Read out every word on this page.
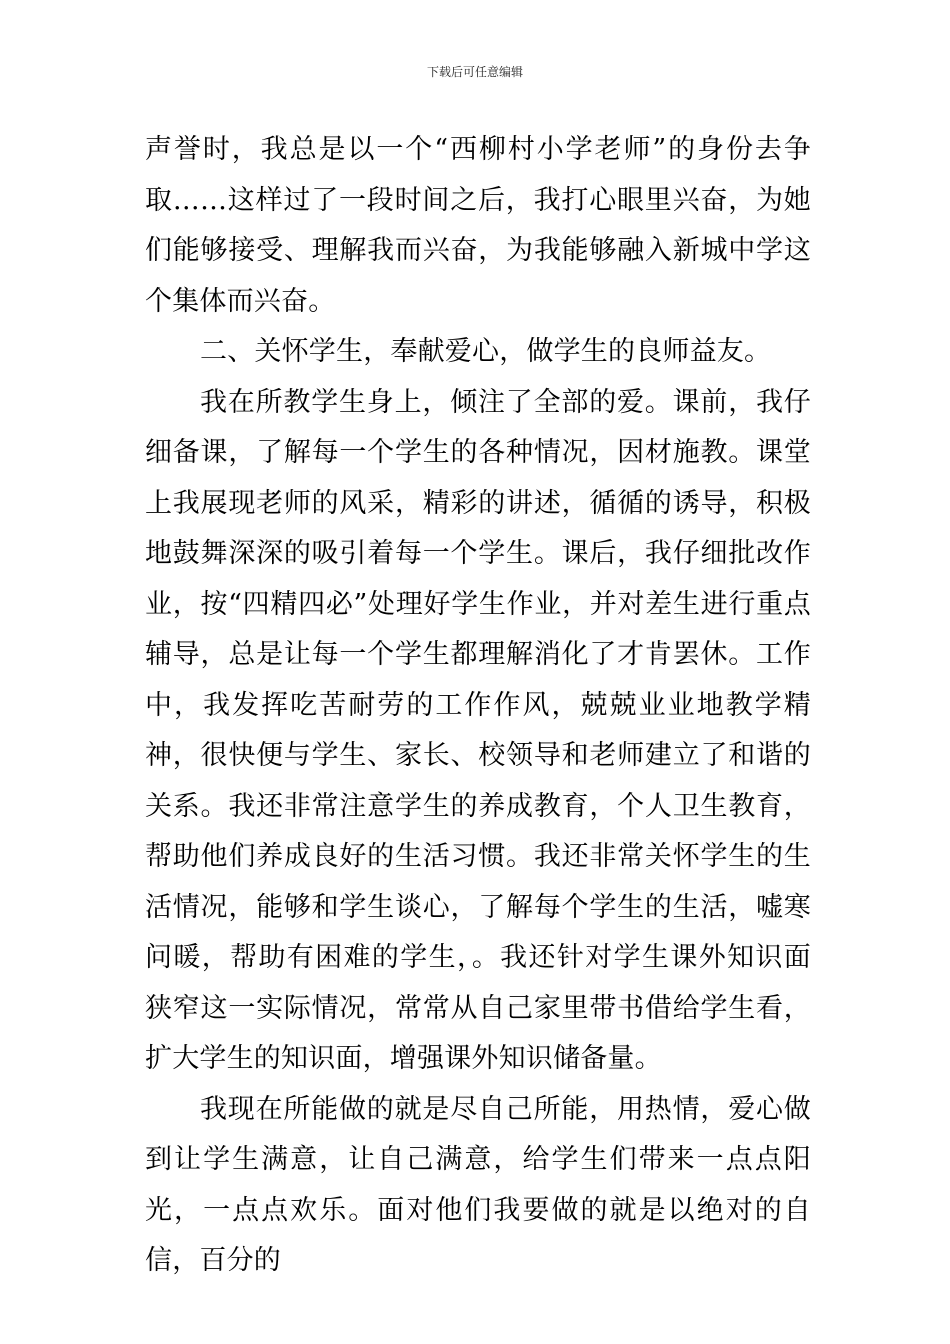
下载后可任意编辑

声誉时，我总是以一个“西柳村小学老师”的身份去争取……这样过了一段时间之后，我打心眼里兴奋，为她们能够接受、理解我而兴奋，为我能够融入新城中学这个集体而兴奋。

二、关怀学生，奉献爱心，做学生的良师益友。

我在所教学生身上，倾注了全部的爱。课前，我仔细备课，了解每一个学生的各种情况，因材施教。课堂上我展现老师的风采，精彩的讲述，循循的诱导，积极地鼓舞深深的吸引着每一个学生。课后，我仔细批改作业，按“四精四必”处理好学生作业，并对差生进行重点辅导，总是让每一个学生都理解消化了才肯罢休。工作中，我发挥吃苦耐劳的工作作风，兢兢业业地教学精神，很快便与学生、家长、校领导和老师建立了和谐的关系。我还非常注意学生的养成教育，个人卫生教育，帮助他们养成良好的生活习惯。我还非常关怀学生的生活情况，能够和学生谈心，了解每个学生的生活，嘘寒问暖，帮助有困难的学生，。我还针对学生课外知识面狭窄这一实际情况，常常从自己家里带书借给学生看，扩大学生的知识面，增强课外知识储备量。

我现在所能做的就是尽自己所能，用热情，爱心做到让学生满意，让自己满意，给学生们带来一点点阳光，一点点欢乐。面对他们我要做的就是以绝对的自信，百分的
